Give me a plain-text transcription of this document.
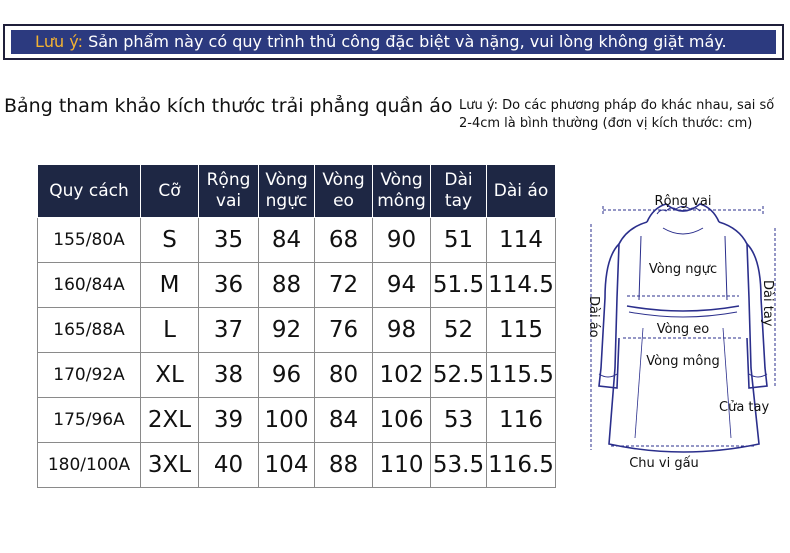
Lưu ý: Sản phẩm này có quy trình thủ công đặc biệt và nặng, vui lòng không giặt máy.
Bảng tham khảo kích thước trải phẳng quần áo Lưu ý: Do các phương pháp đo khác nhau, sai số 2-4cm là bình thường (đơn vị kích thước: cm)
Quy cách	Cỡ	Rộng vai	Vòng ngực	Vòng eo	Vòng mông	Dài tay	Dài áo
155/80A	S	35	84	68	90	51	114
160/84A	M	36	88	72	94	51.5	114.5
165/88A	L	37	92	76	98	52	115
170/92A	XL	38	96	80	102	52.5	115.5
175/96A	2XL	39	100	84	106	53	116
180/100A	3XL	40	104	88	110	53.5	116.5
Rộng vai
Vòng ngực
Vòng eo
Vòng mông
Dài áo	Dài tay
Cửa tay
Chu vi gấu
